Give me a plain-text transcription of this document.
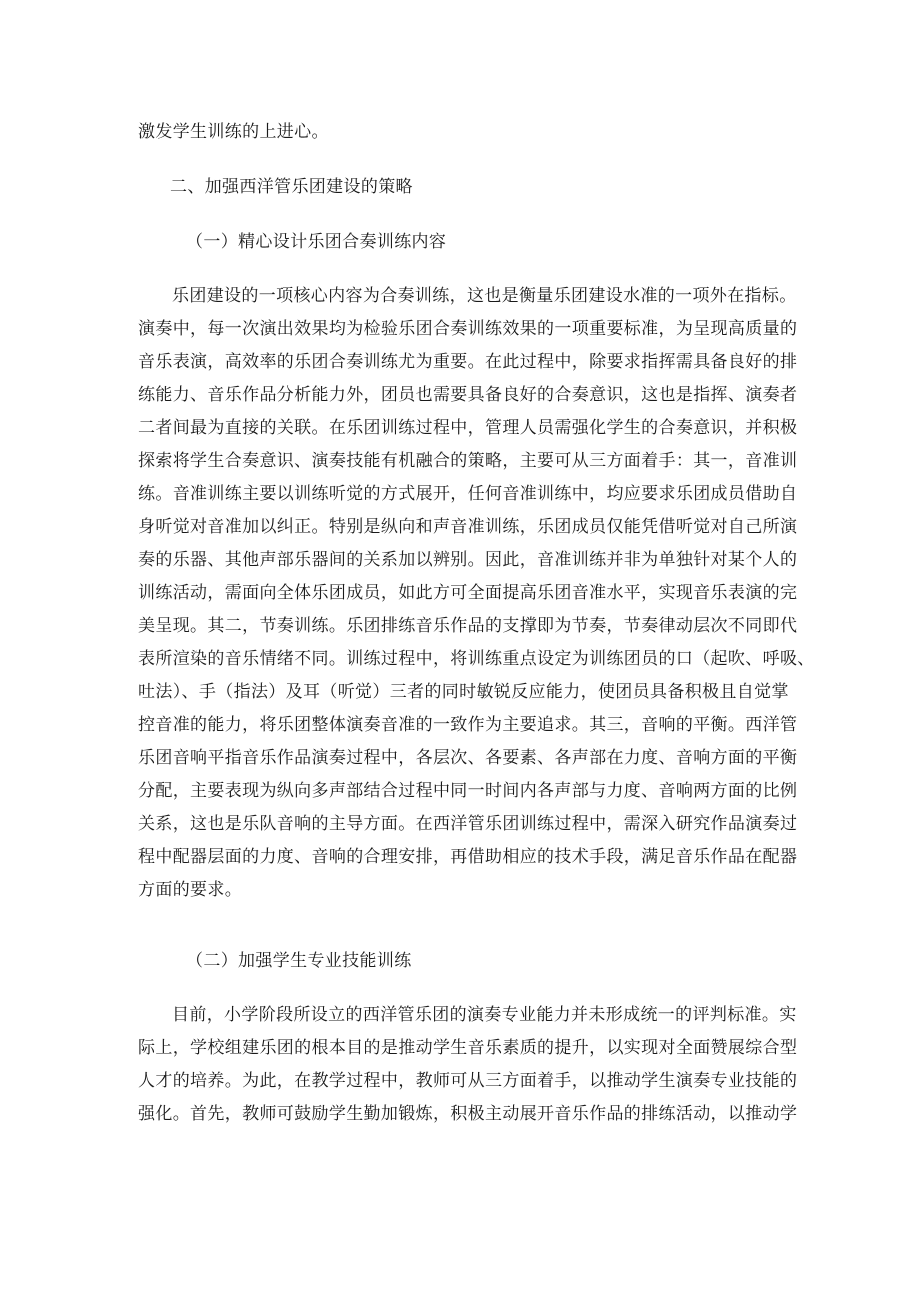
激发学生训练的上进心。
二、加强西洋管乐团建设的策略
（一）精心设计乐团合奏训练内容
乐团建设的一项核心内容为合奏训练，这也是衡量乐团建设水准的一项外在指标。
演奏中，每一次演出效果均为检验乐团合奏训练效果的一项重要标准，为呈现高质量的
音乐表演，高效率的乐团合奏训练尤为重要。在此过程中，除要求指挥需具备良好的排
练能力、音乐作品分析能力外，团员也需要具备良好的合奏意识，这也是指挥、演奏者
二者间最为直接的关联。在乐团训练过程中，管理人员需强化学生的合奏意识，并积极
探索将学生合奏意识、演奏技能有机融合的策略，主要可从三方面着手：其一，音准训
练。音准训练主要以训练听觉的方式展开，任何音准训练中，均应要求乐团成员借助自
身听觉对音准加以纠正。特别是纵向和声音准训练，乐团成员仅能凭借听觉对自己所演
奏的乐器、其他声部乐器间的关系加以辨别。因此，音准训练并非为单独针对某个人的
训练活动，需面向全体乐团成员，如此方可全面提高乐团音准水平，实现音乐表演的完
美呈现。其二，节奏训练。乐团排练音乐作品的支撑即为节奏，节奏律动层次不同即代
表所渲染的音乐情绪不同。训练过程中，将训练重点设定为训练团员的口（起吹、呼吸、
吐法）、手（指法）及耳（听觉）三者的同时敏锐反应能力，使团员具备积极且自觉掌
控音准的能力，将乐团整体演奏音准的一致作为主要追求。其三，音响的平衡。西洋管
乐团音响平指音乐作品演奏过程中，各层次、各要素、各声部在力度、音响方面的平衡
分配，主要表现为纵向多声部结合过程中同一时间内各声部与力度、音响两方面的比例
关系，这也是乐队音响的主导方面。在西洋管乐团训练过程中，需深入研究作品演奏过
程中配器层面的力度、音响的合理安排，再借助相应的技术手段，满足音乐作品在配器
方面的要求。
（二）加强学生专业技能训练
目前，小学阶段所设立的西洋管乐团的演奏专业能力并未形成统一的评判标准。实
际上，学校组建乐团的根本目的是推动学生音乐素质的提升，以实现对全面赞展综合型
人才的培养。为此，在教学过程中，教师可从三方面着手，以推动学生演奏专业技能的
强化。首先，教师可鼓励学生勤加锻炼，积极主动展开音乐作品的排练活动，以推动学
